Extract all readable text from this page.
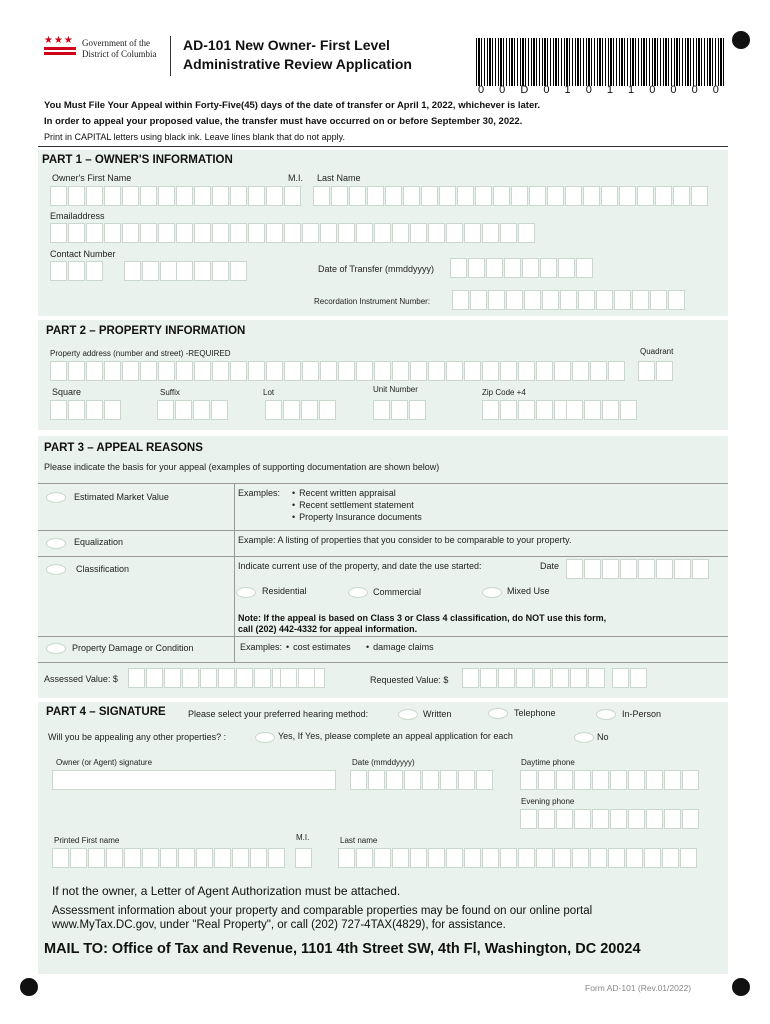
★★★ Government of the
District of Columbia
AD-101 New Owner- First Level
Administrative Review Application
0 0 D 0 1 0 1 1 0 0 0 0
You Must File Your Appeal within Forty-Five(45) days of the date of transfer or April 1, 2022, whichever is later.
In order to appeal your proposed value, the transfer must have occurred on or before September 30, 2022.
Print in CAPITAL letters using black ink. Leave lines blank that do not apply.
PART 1 – OWNER'S INFORMATION
Owner's First Name	M.I. Last Name
Emailaddress
Contact Number
Date of Transfer (mmddyyyy)
Recordation Instrument Number:
PART 2 – PROPERTY INFORMATION
Property address (number and street) -REQUIRED	Quadrant
Square	Suffix	Lot	Unit Number	Zip Code +4
PART 3 – APPEAL REASONS
Please indicate the basis for your appeal (examples of supporting documentation are shown below)
Estimated Market Value	Examples:	• Recent written appraisal
• Recent settlement statement
• Property Insurance documents
Equalization	Example: A listing of properties that you consider to be comparable to your property.
Classification	Indicate current use of the property, and date the use started:	Date
Residential	Commercial	Mixed Use
Note: If the appeal is based on Class 3 or Class 4 classification, do NOT use this form,
call (202) 442-4332 for appeal information.
Property Damage or Condition	Examples:	• cost estimates	• damage claims
Assessed Value: $	Requested Value: $
PART 4 – SIGNATURE Please select your preferred hearing method:	Written	Telephone	In-Person
Will you be appealing any other properties? :	Yes, If Yes, please complete an appeal application for each	No
Owner (or Agent) signature	Date (mmddyyyy)	Daytime phone
Evening phone
Printed First name	M.I.	Last name
If not the owner, a Letter of Agent Authorization must be attached.
Assessment information about your property and comparable properties may be found on our online portal
www.MyTax.DC.gov, under "Real Property", or call (202) 727-4TAX(4829), for assistance.
MAIL TO: Office of Tax and Revenue, 1101 4th Street SW, 4th Fl, Washington, DC 20024
Form AD-101 (Rev.01/2022)
